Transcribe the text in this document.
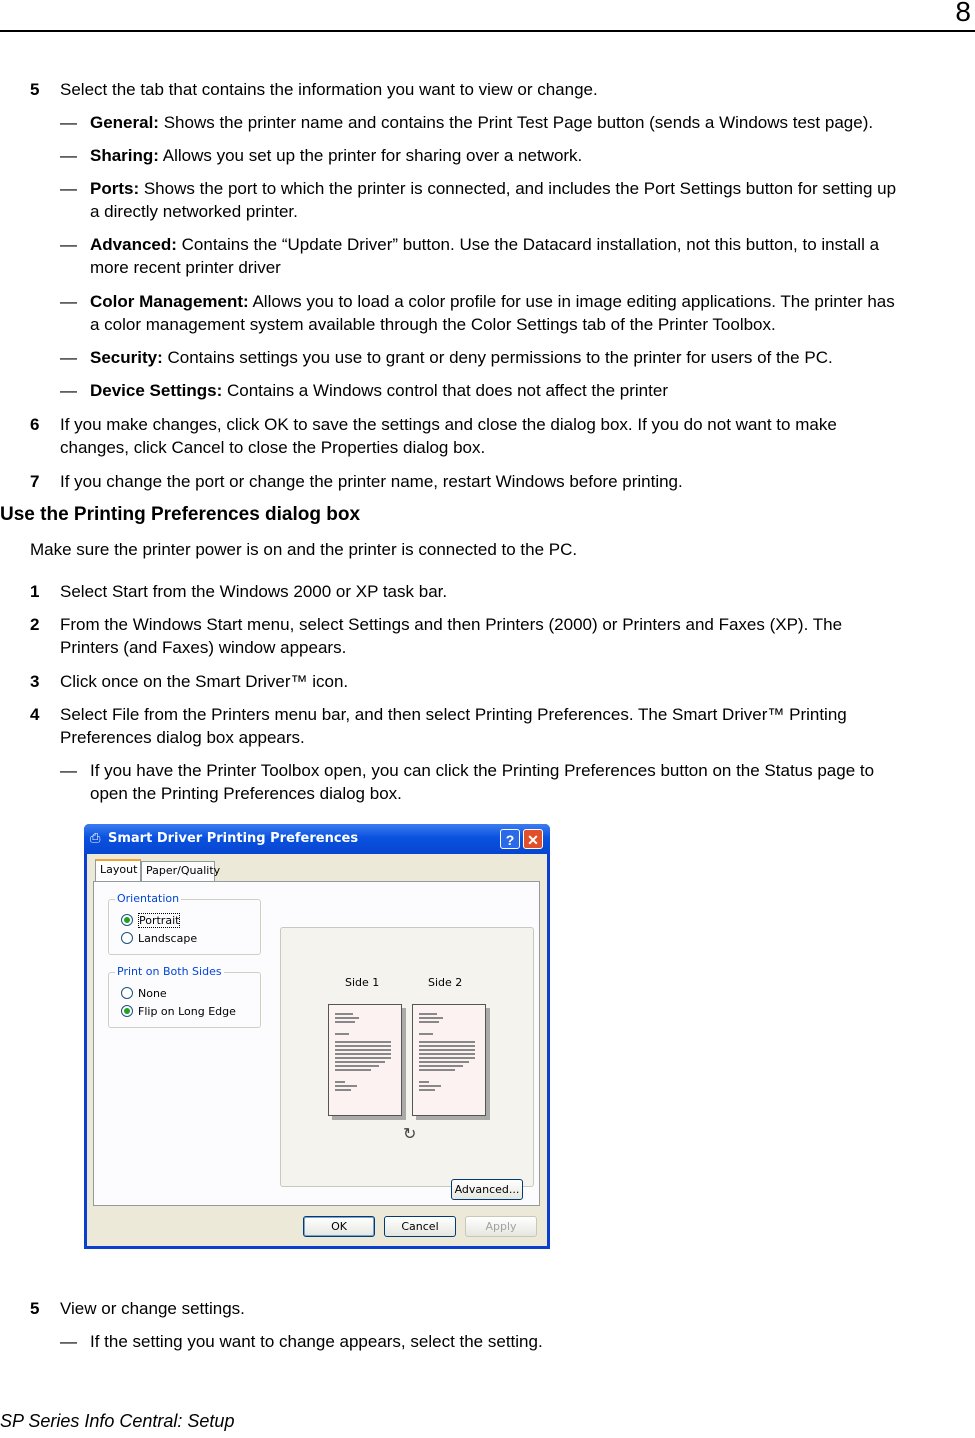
8
5 Select the tab that contains the information you want to view or change.
— General: Shows the printer name and contains the Print Test Page button (sends a Windows test page).
— Sharing: Allows you set up the printer for sharing over a network.
— Ports: Shows the port to which the printer is connected, and includes the Port Settings button for setting up
a directly networked printer.
— Advanced: Contains the “Update Driver” button. Use the Datacard installation, not this button, to install a
more recent printer driver
— Color Management: Allows you to load a color profile for use in image editing applications. The printer has
a color management system available through the Color Settings tab of the Printer Toolbox.
— Security: Contains settings you use to grant or deny permissions to the printer for users of the PC.
— Device Settings: Contains a Windows control that does not affect the printer
6 If you make changes, click OK to save the settings and close the dialog box. If you do not want to make
changes, click Cancel to close the Properties dialog box.
7 If you change the port or change the printer name, restart Windows before printing.
Use the Printing Preferences dialog box
Make sure the printer power is on and the printer is connected to the PC.
1 Select Start from the Windows 2000 or XP task bar.
2 From the Windows Start menu, select Settings and then Printers (2000) or Printers and Faxes (XP). The
Printers (and Faxes) window appears.
3 Click once on the Smart Driver™ icon.
4 Select File from the Printers menu bar, and then select Printing Preferences. The Smart Driver™ Printing
Preferences dialog box appears.
— If you have the Printer Toolbox open, you can click the Printing Preferences button on the Status page to
open the Printing Preferences dialog box.
⎙ Smart Driver Printing Preferences	? ✕
Layout Paper/Quality
Orientation
Portrait
Landscape
Print on Both Sides
None
Flip on Long Edge
Side 1	Side 2
↻
Advanced...
OK	Cancel	Apply
5 View or change settings.
— If the setting you want to change appears, select the setting.
SP Series Info Central: Setup
